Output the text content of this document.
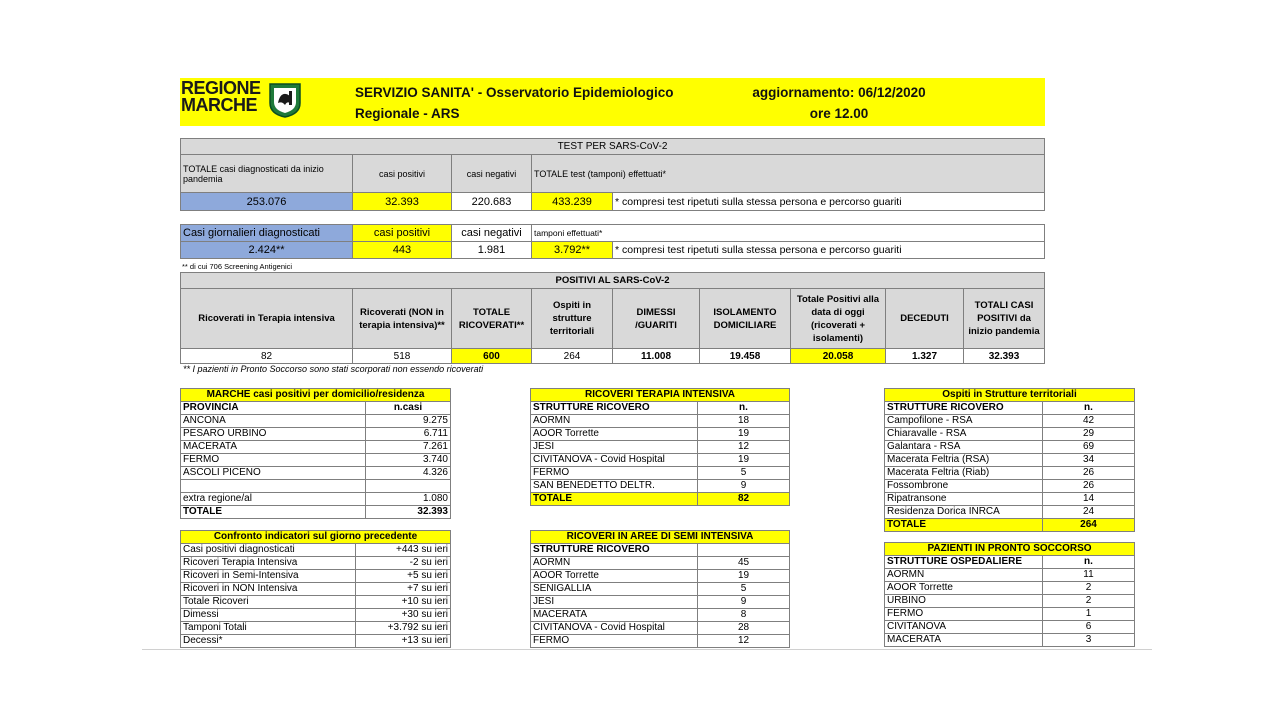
REGIONE
MARCHE
SERVIZIO SANITA' - Osservatorio Epidemiologico
Regionale - ARS
aggiornamento: 06/12/2020
ore 12.00
TEST PER SARS-CoV-2				
TOTALE casi diagnosticati da inizio pandemia	casi positivi	casi negativi	TOTALE test (tamponi) effettuati*	
253.076	32.393	220.683	433.239	* compresi test ripetuti sulla stessa persona e percorso guariti
Casi giornalieri diagnosticati	casi positivi	casi negativi	tamponi effettuati*	
2.424**	443	1.981	3.792**	* compresi test ripetuti sulla stessa persona e percorso guariti
** di cui 706 Screening Antigenici
POSITIVI AL SARS-CoV-2								
Ricoverati in Terapia intensiva	Ricoverati (NON in terapia intensiva)**	TOTALE RICOVERATI**	Ospiti in strutture territoriali	DIMESSI /GUARITI	ISOLAMENTO DOMICILIARE	Totale Positivi alla data di oggi (ricoverati + isolamenti)	DECEDUTI	TOTALI CASI POSITIVI da inizio pandemia
82	518	600	264	11.008	19.458	20.058	1.327	32.393
** I pazienti in Pronto Soccorso sono stati scorporati non essendo ricoverati
MARCHE casi positivi per domicilio/residenza	
PROVINCIA	n.casi
ANCONA	9.275
PESARO URBINO	6.711
MACERATA	7.261
FERMO	3.740
ASCOLI PICENO	4.326

extra regione/al	1.080
TOTALE	32.393
Confronto indicatori sul giorno precedente	
Casi positivi diagnosticati	+443 su ieri
Ricoveri Terapia Intensiva	-2 su ieri
Ricoveri in Semi-Intensiva	+5 su ieri
Ricoveri in NON Intensiva	+7 su ieri
Totale Ricoveri	+10 su ieri
Dimessi	+30 su ieri
Tamponi Totali	+3.792 su ieri
Decessi*	+13 su ieri
RICOVERI TERAPIA INTENSIVA	
STRUTTURE RICOVERO	n.
AORMN	18
AOOR Torrette	19
JESI	12
CIVITANOVA - Covid Hospital	19
FERMO	5
SAN BENEDETTO DELTR.	9
TOTALE	82
RICOVERI IN AREE DI SEMI INTENSIVA	
STRUTTURE RICOVERO	
AORMN	45
AOOR Torrette	19
SENIGALLIA	5
JESI	9
MACERATA	8
CIVITANOVA - Covid Hospital	28
FERMO	12
Ospiti in Strutture territoriali	
STRUTTURE RICOVERO	n.
Campofilone - RSA	42
Chiaravalle - RSA	29
Galantara - RSA	69
Macerata Feltria (RSA)	34
Macerata Feltria (Riab)	26
Fossombrone	26
Ripatransone	14
Residenza Dorica INRCA	24
TOTALE	264
PAZIENTI IN PRONTO SOCCORSO	
STRUTTURE OSPEDALIERE	n.
AORMN	11
AOOR Torrette	2
URBINO	2
FERMO	1
CIVITANOVA	6
MACERATA	3
